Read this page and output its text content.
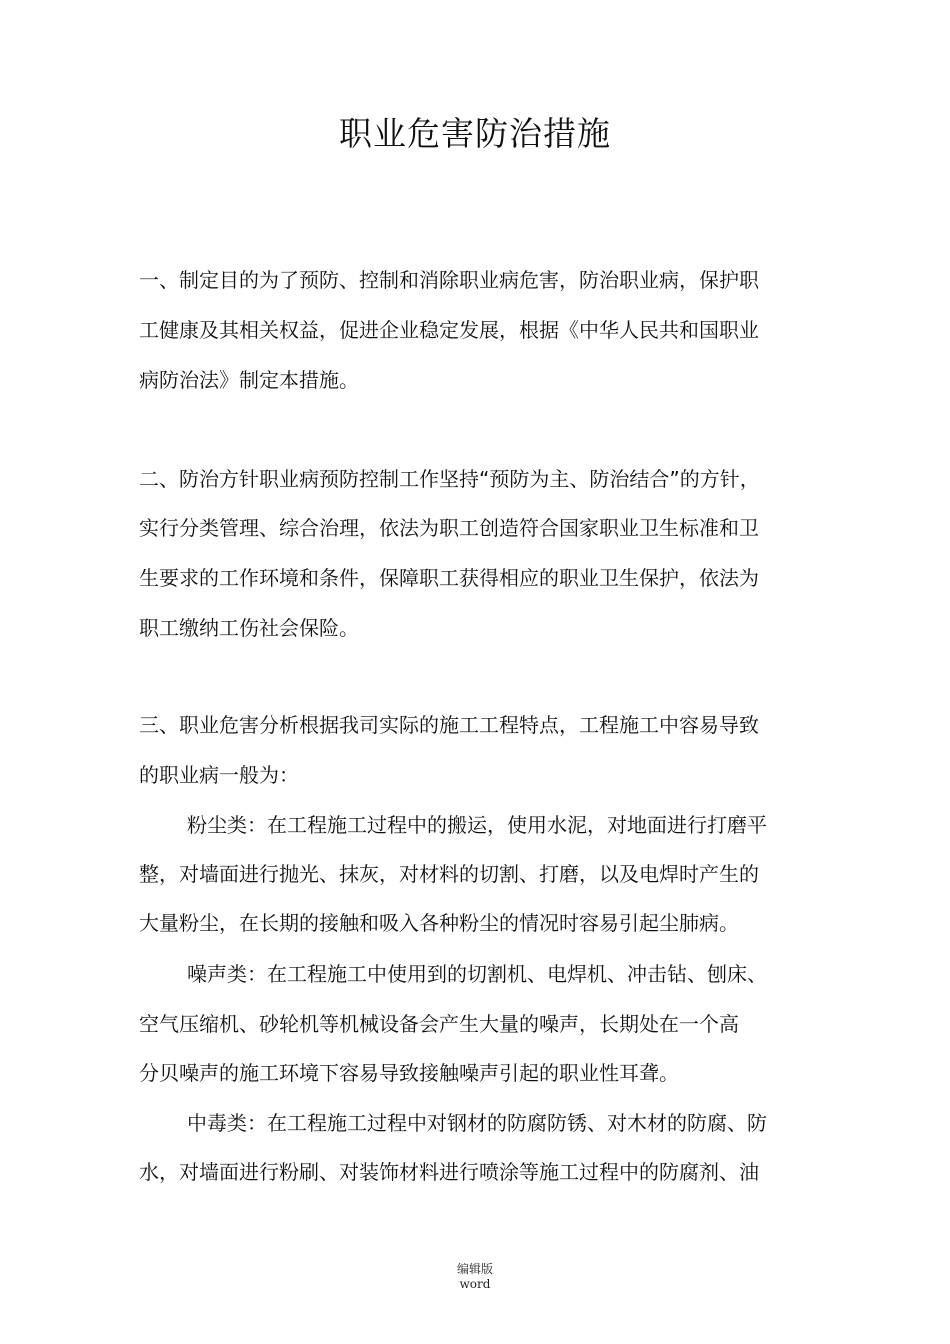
职业危害防治措施
一、制定目的为了预防、控制和消除职业病危害，防治职业病，保护职
工健康及其相关权益，促进企业稳定发展，根据《中华人民共和国职业
病防治法》制定本措施。
二、防治方针职业病预防控制工作坚持“预防为主、防治结合”的方针，
实行分类管理、综合治理，依法为职工创造符合国家职业卫生标准和卫
生要求的工作环境和条件，保障职工获得相应的职业卫生保护，依法为
职工缴纳工伤社会保险。
三、职业危害分析根据我司实际的施工工程特点，工程施工中容易导致
的职业病一般为：
粉尘类：在工程施工过程中的搬运，使用水泥，对地面进行打磨平
整，对墙面进行抛光、抹灰，对材料的切割、打磨，以及电焊时产生的
大量粉尘，在长期的接触和吸入各种粉尘的情况时容易引起尘肺病。
噪声类：在工程施工中使用到的切割机、电焊机、冲击钻、刨床、
空气压缩机、砂轮机等机械设备会产生大量的噪声，长期处在一个高
分贝噪声的施工环境下容易导致接触噪声引起的职业性耳聋。
中毒类：在工程施工过程中对钢材的防腐防锈、对木材的防腐、防
水，对墙面进行粉刷、对装饰材料进行喷涂等施工过程中的防腐剂、油
编辑版
word
